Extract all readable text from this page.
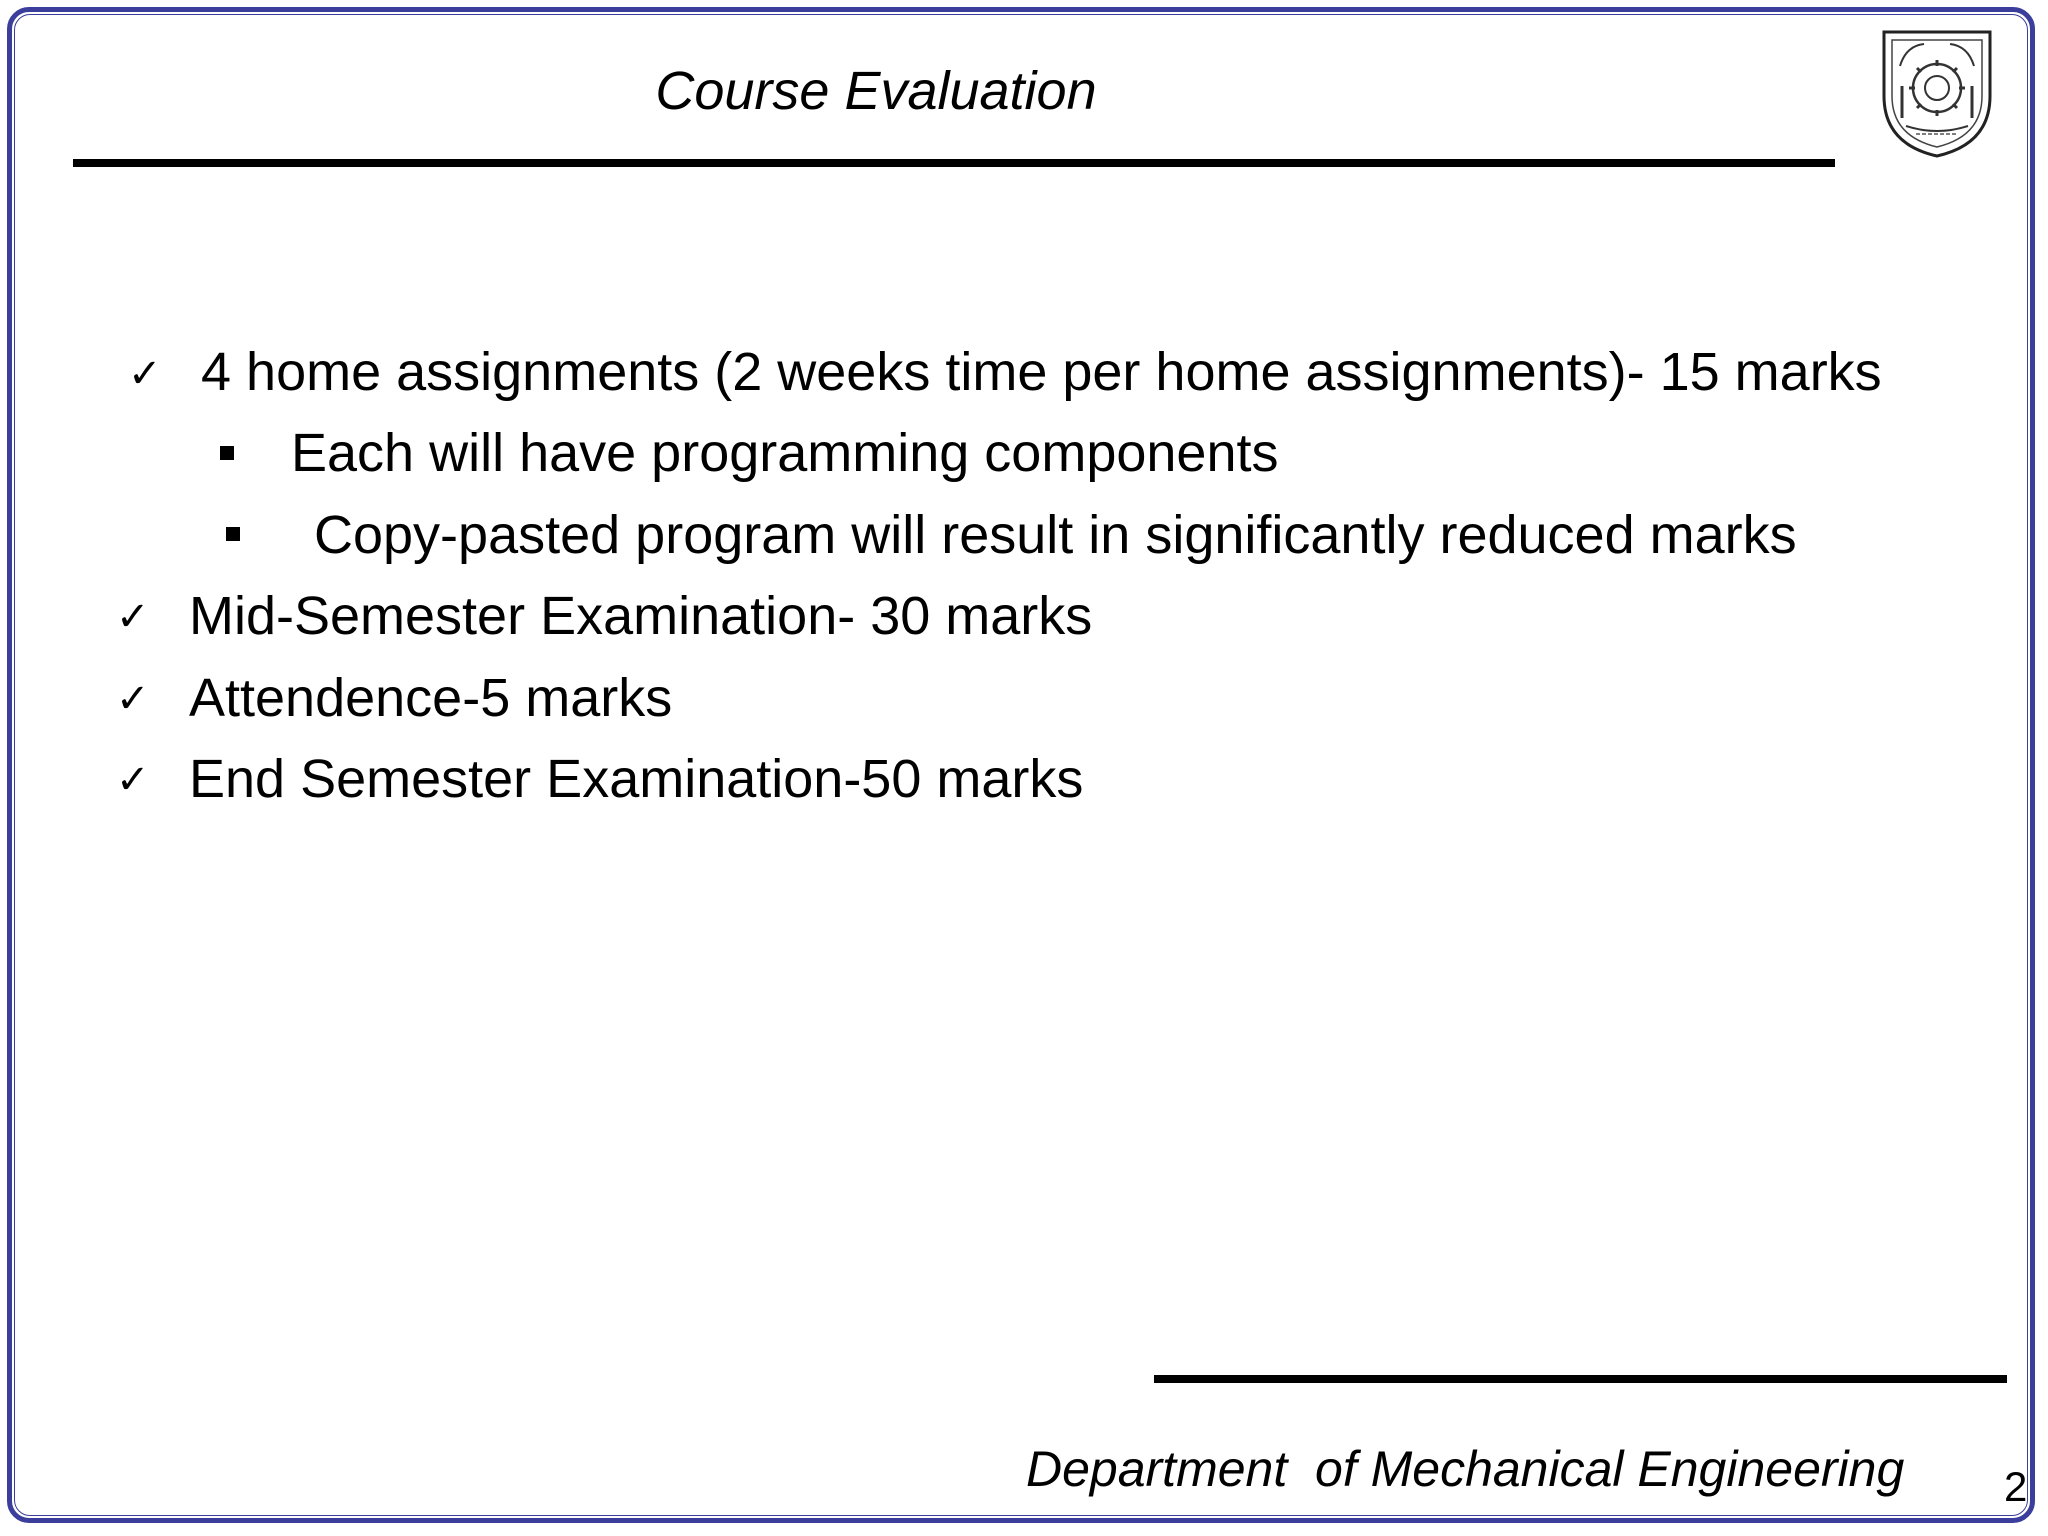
Course Evaluation
✓ 4 home assignments (2 weeks time per home assignments)- 15 marks
Each will have programming components
Copy-pasted program will result in significantly reduced marks
✓ Mid-Semester Examination- 30 marks
✓ Attendence-5 marks
✓ End Semester Examination-50 marks
Department  of Mechanical Engineering 2
